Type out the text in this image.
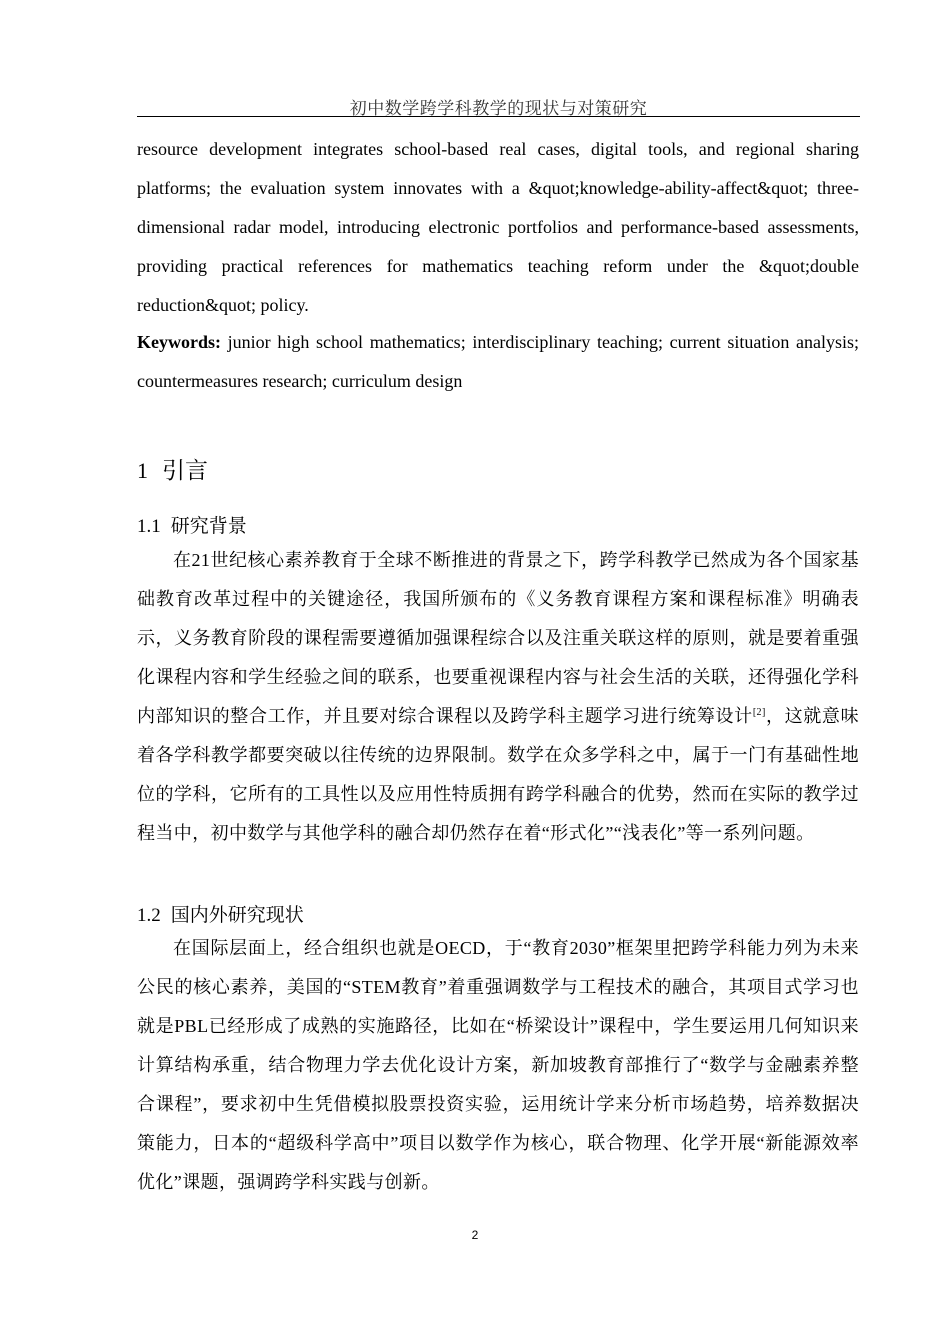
初中数学跨学科教学的现状与对策研究

resource development integrates school-based real cases, digital tools, and regional sharing platforms; the evaluation system innovates with a &quot;knowledge-ability-affect&quot; three-dimensional radar model, introducing electronic portfolios and performance-based assessments, providing practical references for mathematics teaching reform under the &quot;double reduction&quot; policy.

Keywords: junior high school mathematics; interdisciplinary teaching; current situation analysis; countermeasures research; curriculum design

1 引言
1.1 研究背景

在21世纪核心素养教育于全球不断推进的背景之下，跨学科教学已然成为各个国家基础教育改革过程中的关键途径，我国所颁布的《义务教育课程方案和课程标准》明确表示，义务教育阶段的课程需要遵循加强课程综合以及注重关联这样的原则，就是要着重强化课程内容和学生经验之间的联系，也要重视课程内容与社会生活的关联，还得强化学科内部知识的整合工作，并且要对综合课程以及跨学科主题学习进行统筹设计[2]，这就意味着各学科教学都要突破以往传统的边界限制。数学在众多学科之中，属于一门有基础性地位的学科，它所有的工具性以及应用性特质拥有跨学科融合的优势，然而在实际的教学过程当中，初中数学与其他学科的融合却仍然存在着“形式化”“浅表化”等一系列问题。

1.2 国内外研究现状

在国际层面上，经合组织也就是OECD，于“教育2030”框架里把跨学科能力列为未来公民的核心素养，美国的“STEM教育”着重强调数学与工程技术的融合，其项目式学习也就是PBL已经形成了成熟的实施路径，比如在“桥梁设计”课程中，学生要运用几何知识来计算结构承重，结合物理力学去优化设计方案，新加坡教育部推行了“数学与金融素养整合课程”，要求初中生凭借模拟股票投资实验，运用统计学来分析市场趋势，培养数据决策能力，日本的“超级科学高中”项目以数学作为核心，联合物理、化学开展“新能源效率优化”课题，强调跨学科实践与创新。

2
